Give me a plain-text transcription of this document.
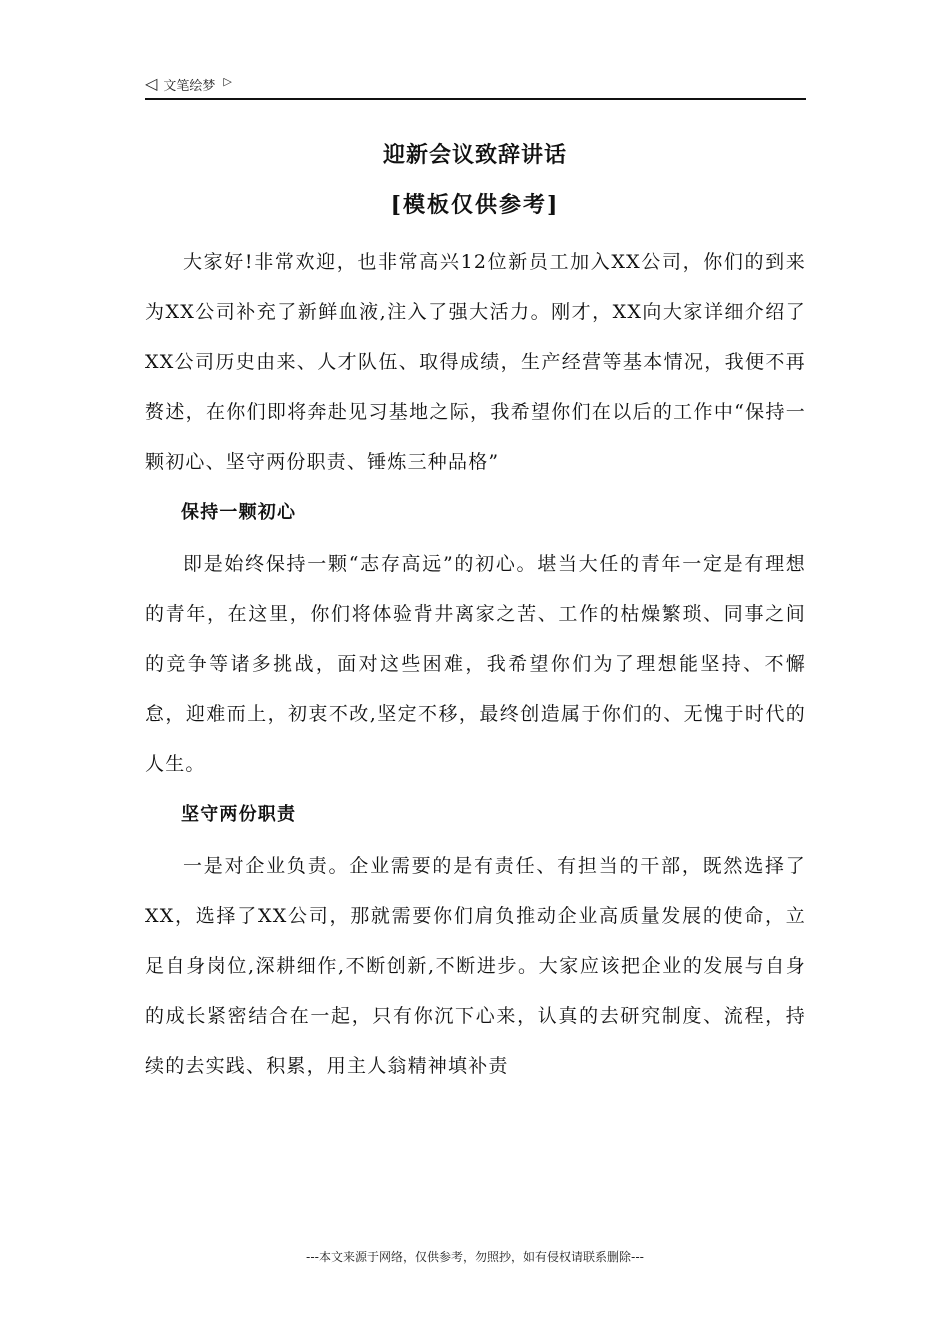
◁ 文笔绘梦 ▷
迎新会议致辞讲话
[模板仅供参考]

大家好!非常欢迎，也非常高兴12位新员工加入XX公司，你们的到来为XX公司补充了新鲜血液,注入了强大活力。刚才，XX向大家详细介绍了XX公司历史由来、人才队伍、取得成绩，生产经营等基本情况，我便不再赘述，在你们即将奔赴见习基地之际，我希望你们在以后的工作中“保持一颗初心、坚守两份职责、锤炼三种品格”

保持一颗初心

即是始终保持一颗“志存高远”的初心。堪当大任的青年一定是有理想的青年，在这里，你们将体验背井离家之苦、工作的枯燥繁琐、同事之间的竞争等诸多挑战，面对这些困难，我希望你们为了理想能坚持、不懈怠，迎难而上，初衷不改,坚定不移，最终创造属于你们的、无愧于时代的人生。

坚守两份职责

一是对企业负责。企业需要的是有责任、有担当的干部，既然选择了XX，选择了XX公司，那就需要你们肩负推动企业高质量发展的使命，立足自身岗位,深耕细作,不断创新,不断进步。大家应该把企业的发展与自身的成长紧密结合在一起，只有你沉下心来，认真的去研究制度、流程，持续的去实践、积累，用主人翁精神填补责

---本文来源于网络，仅供参考，勿照抄，如有侵权请联系删除---
